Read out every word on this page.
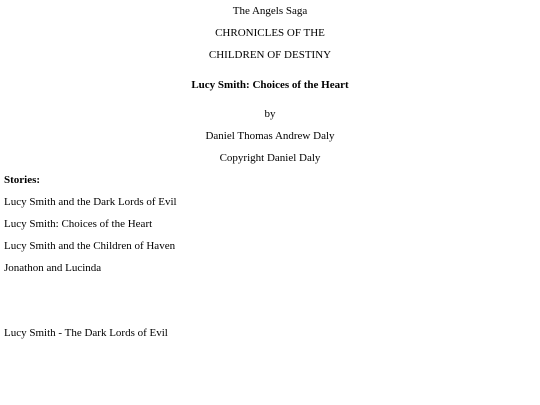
The Angels Saga
CHRONICLES OF THE
CHILDREN OF DESTINY
Lucy Smith: Choices of the Heart
by
Daniel Thomas Andrew Daly
Copyright Daniel Daly
Stories:
Lucy Smith and the Dark Lords of Evil
Lucy Smith: Choices of the Heart
Lucy Smith and the Children of Haven
Jonathon and Lucinda
Lucy Smith - The Dark Lords of Evil
